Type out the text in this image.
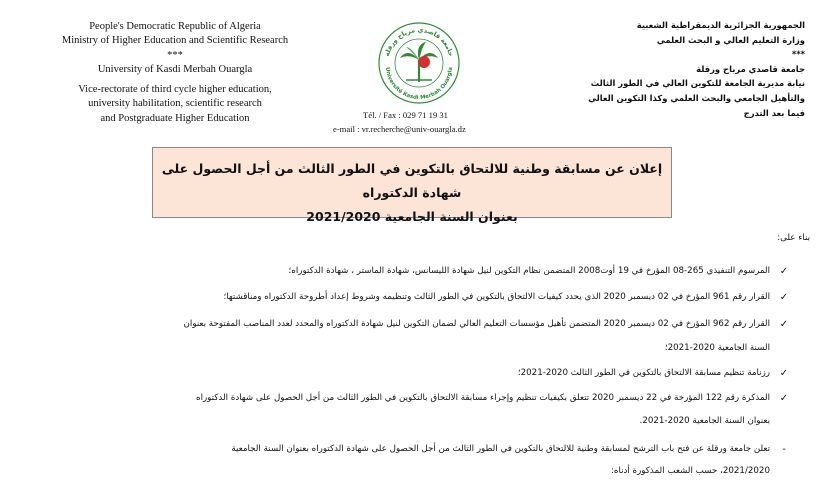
People's Democratic Republic of Algeria
Ministry of Higher Education and Scientific Research
***
University of Kasdi Merbah Ouargla
Vice-rectorate of third cycle higher education,
university habilitation, scientific research
and Postgraduate Higher Education
جامعة قاصدي مرباح ورقلة
Université Kasdi Merbah Ouargla
Tél. / Fax : 029 71 19 31
e-mail : vr.recherche@univ-ouargla.dz
الجمهورية الجزائرية الديمقراطية الشعبية
وزارة التعليم العالي و البحث العلمي
***
جامعة قاصدي مرباح ورقلة
نيابة مديرية الجامعة للتكوين العالي في الطور الثالث
والتأهيل الجامعي والبحث العلمي وكذا التكوين العالي
فيما بعد التدرج
إعلان عن مسابقة وطنية للالتحاق بالتكوين في الطور الثالث من أجل الحصول على شهادة الدكتوراه
بعنوان السنة الجامعية 2021/2020
بناء على:
✓
المرسوم التنفيذي 265-08 المؤرخ في 19 أوت2008 المتضمن نظام التكوين لنيل شهادة الليسانس، شهادة الماستر ، شهادة الدكتوراه؛
✓
القرار رقم 961 المؤرخ في 02 ديسمبر 2020 الذي يحدد كيفيات الالتحاق بالتكوين في الطور الثالث وتنظيمه وشروط إعداد أطروحة الدكتوراه ومناقشتها؛
✓
القرار رقم 962 المؤرخ في 02 ديسمبر 2020 المتضمن تأهيل مؤسسات التعليم العالي لضمان التكوين لنيل شهادة الدكتوراه والمحدد لعدد المناصب المفتوحة بعنوان
السنة الجامعية 2020-2021؛
✓
رزنامة تنظيم مسابقة الالتحاق بالتكوين في الطور الثالث 2020-2021؛
✓
المذكرة رقم 122 المؤرخة في 22 ديسمبر 2020 تتعلق بكيفيات تنظيم وإجراء مسابقة الالتحاق بالتكوين في الطور الثالث من أجل الحصول على شهادة الدكتوراه
بعنوان السنة الجامعية 2020-2021.
-
تعلن جامعة ورقلة عن فتح باب الترشح لمسابقة وطنية للالتحاق بالتكوين في الطور الثالث من أجل الحصول على شهادة الدكتوراه بعنوان السنة الجامعية
2021/2020، حسب الشعب المذكورة أدناه:
